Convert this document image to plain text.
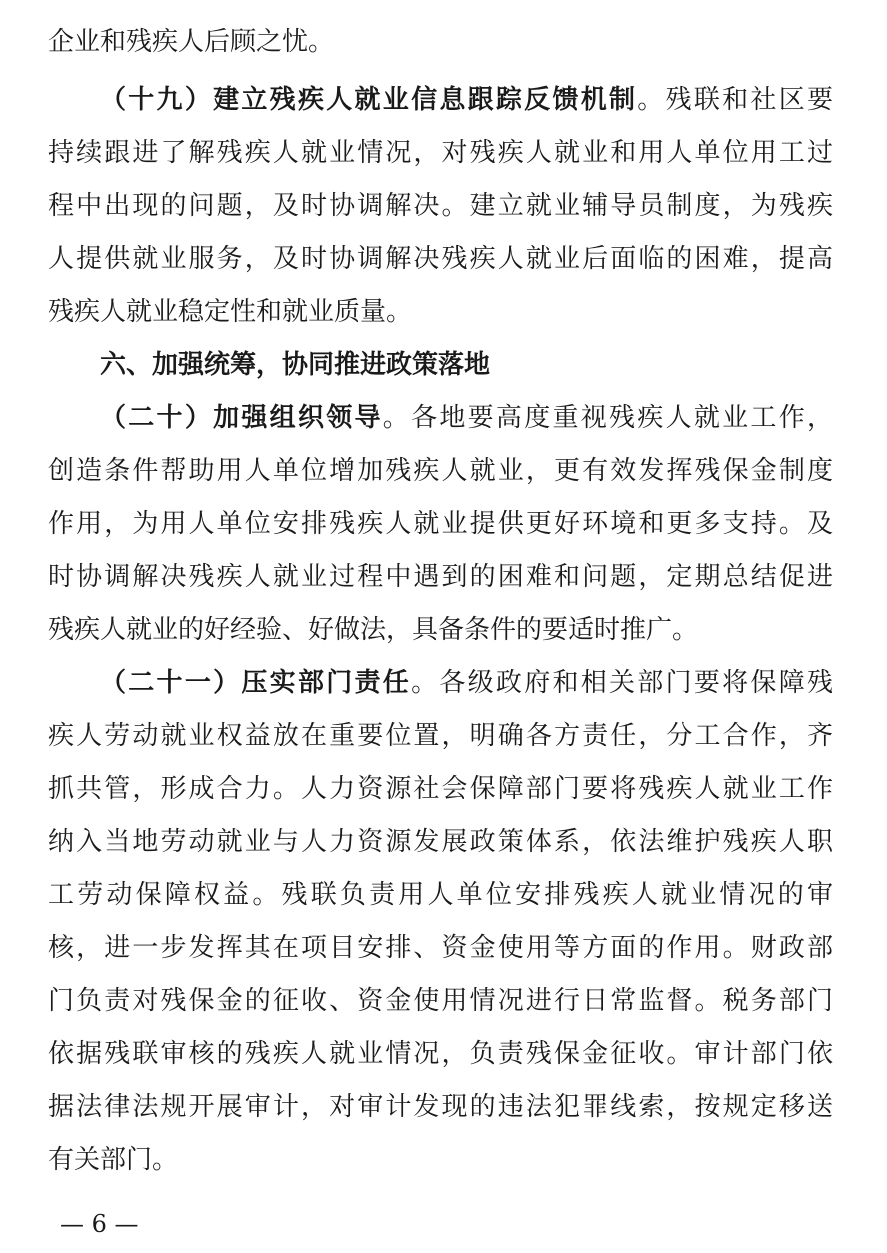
企业和残疾人后顾之忧。
（十九）建立残疾人就业信息跟踪反馈机制。残联和社区要
持续跟进了解残疾人就业情况，对残疾人就业和用人单位用工过
程中出现的问题，及时协调解决。建立就业辅导员制度，为残疾
人提供就业服务，及时协调解决残疾人就业后面临的困难，提高
残疾人就业稳定性和就业质量。
六、加强统筹，协同推进政策落地
（二十）加强组织领导。各地要高度重视残疾人就业工作，
创造条件帮助用人单位增加残疾人就业，更有效发挥残保金制度
作用，为用人单位安排残疾人就业提供更好环境和更多支持。及
时协调解决残疾人就业过程中遇到的困难和问题，定期总结促进
残疾人就业的好经验、好做法，具备条件的要适时推广。
（二十一）压实部门责任。各级政府和相关部门要将保障残
疾人劳动就业权益放在重要位置，明确各方责任，分工合作，齐
抓共管，形成合力。人力资源社会保障部门要将残疾人就业工作
纳入当地劳动就业与人力资源发展政策体系，依法维护残疾人职
工劳动保障权益。残联负责用人单位安排残疾人就业情况的审
核，进一步发挥其在项目安排、资金使用等方面的作用。财政部
门负责对残保金的征收、资金使用情况进行日常监督。税务部门
依据残联审核的残疾人就业情况，负责残保金征收。审计部门依
据法律法规开展审计，对审计发现的违法犯罪线索，按规定移送
有关部门。
— 6 —
